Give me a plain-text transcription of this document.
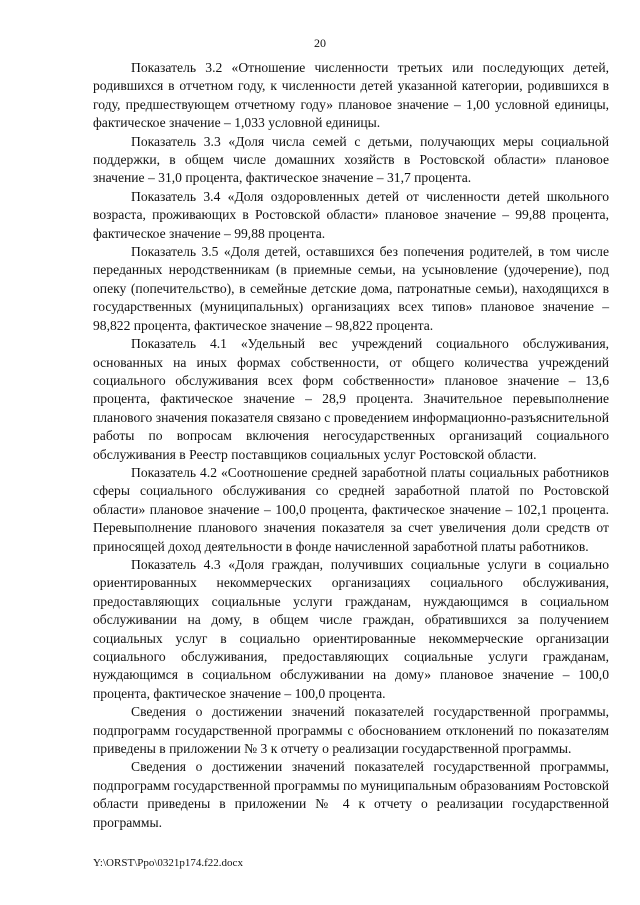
20

Показатель 3.2 «Отношение численности третьих или последующих детей, родившихся в отчетном году, к численности детей указанной категории, родившихся в году, предшествующем отчетному году» плановое значение – 1,00 условной единицы, фактическое значение – 1,033 условной единицы.

Показатель 3.3 «Доля числа семей с детьми, получающих меры социальной поддержки, в общем числе домашних хозяйств в Ростовской области» плановое значение – 31,0 процента, фактическое значение – 31,7 процента.

Показатель 3.4 «Доля оздоровленных детей от численности детей школьного возраста, проживающих в Ростовской области» плановое значение – 99,88 процента, фактическое значение – 99,88 процента.

Показатель 3.5 «Доля детей, оставшихся без попечения родителей, в том числе переданных неродственникам (в приемные семьи, на усыновление (удочерение), под опеку (попечительство), в семейные детские дома, патронатные семьи), находящихся в государственных (муниципальных) организациях всех типов» плановое значение – 98,822 процента, фактическое значение – 98,822 процента.

Показатель 4.1 «Удельный вес учреждений социального обслуживания, основанных на иных формах собственности, от общего количества учреждений социального обслуживания всех форм собственности» плановое значение – 13,6 процента, фактическое значение – 28,9 процента. Значительное перевыполнение планового значения показателя связано с проведением информационно-разъяснительной работы по вопросам включения негосударственных организаций социального обслуживания в Реестр поставщиков социальных услуг Ростовской области.

Показатель 4.2 «Соотношение средней заработной платы социальных работников сферы социального обслуживания со средней заработной платой по Ростовской области» плановое значение – 100,0 процента, фактическое значение – 102,1 процента. Перевыполнение планового значения показателя за счет увеличения доли средств от приносящей доход деятельности в фонде начисленной заработной платы работников.

Показатель 4.3 «Доля граждан, получивших социальные услуги в социально ориентированных некоммерческих организациях социального обслуживания, предоставляющих социальные услуги гражданам, нуждающимся в социальном обслуживании на дому, в общем числе граждан, обратившихся за получением социальных услуг в социально ориентированные некоммерческие организации социального обслуживания, предоставляющих социальные услуги гражданам, нуждающимся в социальном обслуживании на дому» плановое значение – 100,0 процента, фактическое значение – 100,0 процента.

Сведения о достижении значений показателей государственной программы, подпрограмм государственной программы с обоснованием отклонений по показателям приведены в приложении № 3 к отчету о реализации государственной программы.

Сведения о достижении значений показателей государственной программы, подпрограмм государственной программы по муниципальным образованиям Ростовской области приведены в приложении № 4 к отчету о реализации государственной программы.

Y:\ORST\Ppo\0321p174.f22.docx
